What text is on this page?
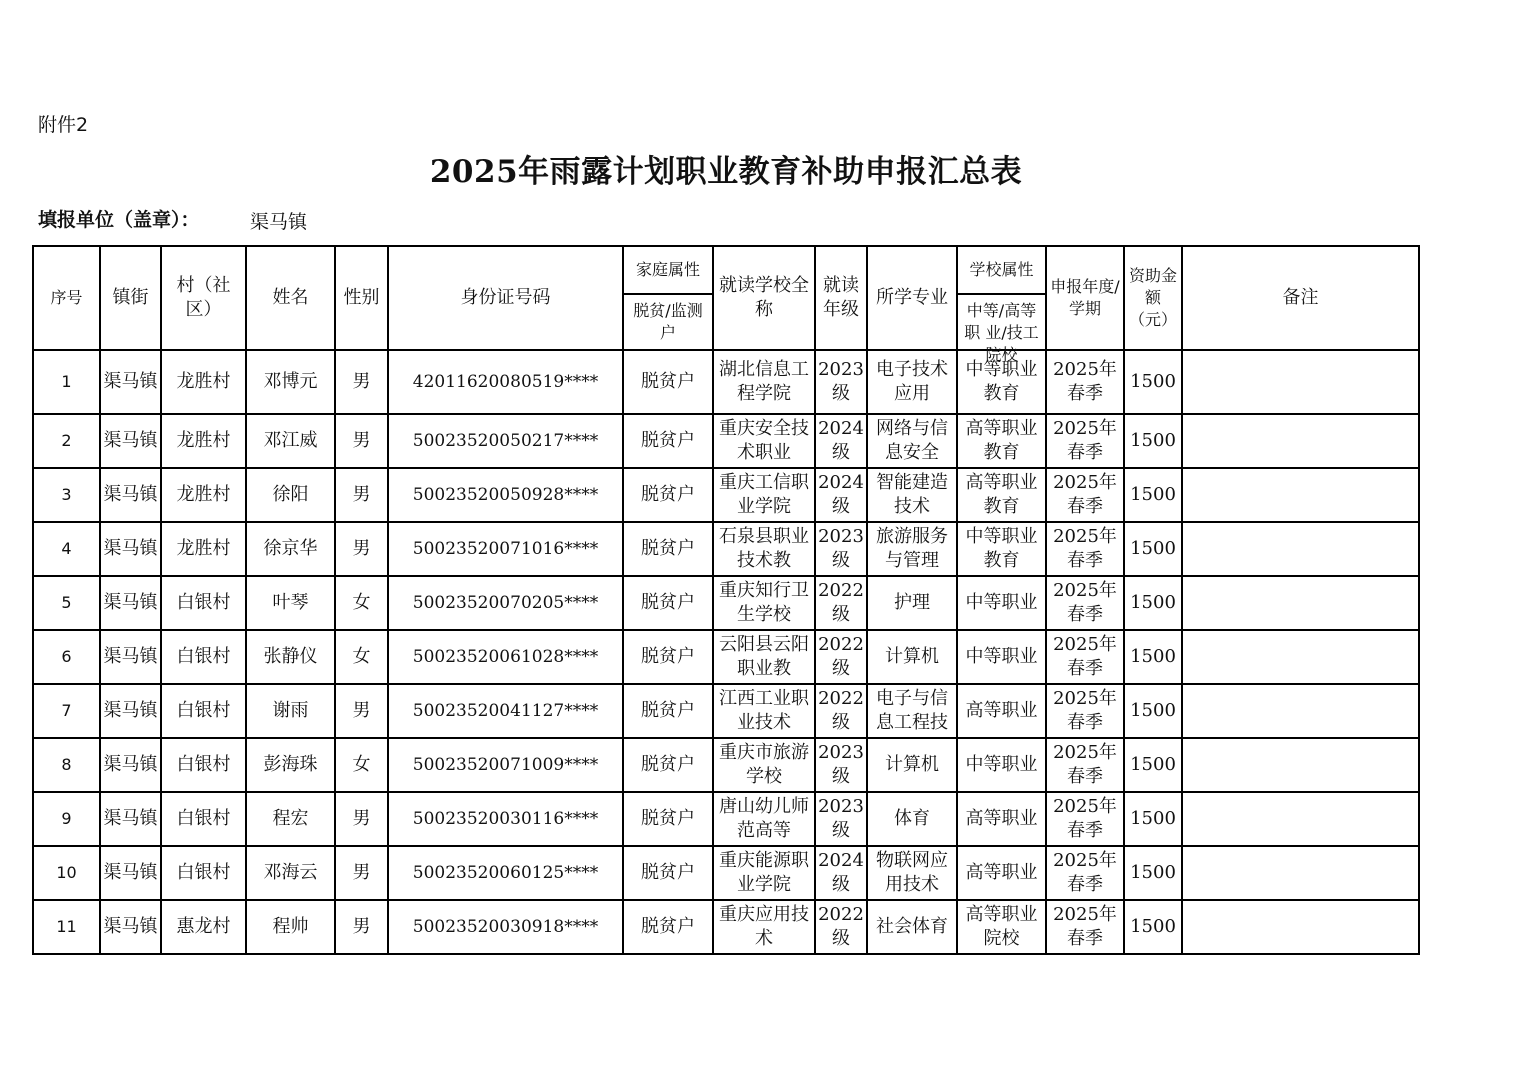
附件2
2025年雨露计划职业教育补助申报汇总表
填报单位（盖章）：	渠马镇
序号	镇街	村（社区）	姓名	性别	身份证号码	家庭属性	就读学校全称	就读年级	所学专业	学校属性	申报年度/学期	资助金额（元）	备注
						脱贫/监测户				中等/高等职 业/技工院校			

1	渠马镇	龙胜村	邓博元	男	42011620080519****	脱贫户	湖北信息工程学院	2023级	电子技术应用	中等职业教育	2025年春季	1500	

2	渠马镇	龙胜村	邓江威	男	50023520050217****	脱贫户	重庆安全技术职业	2024级	网络与信息安全	高等职业教育	2025年春季	1500	

3	渠马镇	龙胜村	徐阳	男	50023520050928****	脱贫户	重庆工信职业学院	2024级	智能建造技术	高等职业教育	2025年春季	1500	

4	渠马镇	龙胜村	徐京华	男	50023520071016****	脱贫户	石泉县职业技术教	2023级	旅游服务与管理	中等职业教育	2025年春季	1500	

5	渠马镇	白银村	叶琴	女	50023520070205****	脱贫户	重庆知行卫生学校	2022级	护理	中等职业	2025年春季	1500	

6	渠马镇	白银村	张静仪	女	50023520061028****	脱贫户	云阳县云阳职业教	2022级	计算机	中等职业	2025年春季	1500	

7	渠马镇	白银村	谢雨	男	50023520041127****	脱贫户	江西工业职业技术	2022级	电子与信息工程技	高等职业	2025年春季	1500	

8	渠马镇	白银村	彭海珠	女	50023520071009****	脱贫户	重庆市旅游学校	2023级	计算机	中等职业	2025年春季	1500	

9	渠马镇	白银村	程宏	男	50023520030116****	脱贫户	唐山幼儿师范高等	2023级	体育	高等职业	2025年春季	1500	

10	渠马镇	白银村	邓海云	男	50023520060125****	脱贫户	重庆能源职业学院	2024级	物联网应用技术	高等职业	2025年春季	1500	

11	渠马镇	惠龙村	程帅	男	50023520030918****	脱贫户	重庆应用技术	2022级	社会体育	高等职业院校	2025年春季	1500	
